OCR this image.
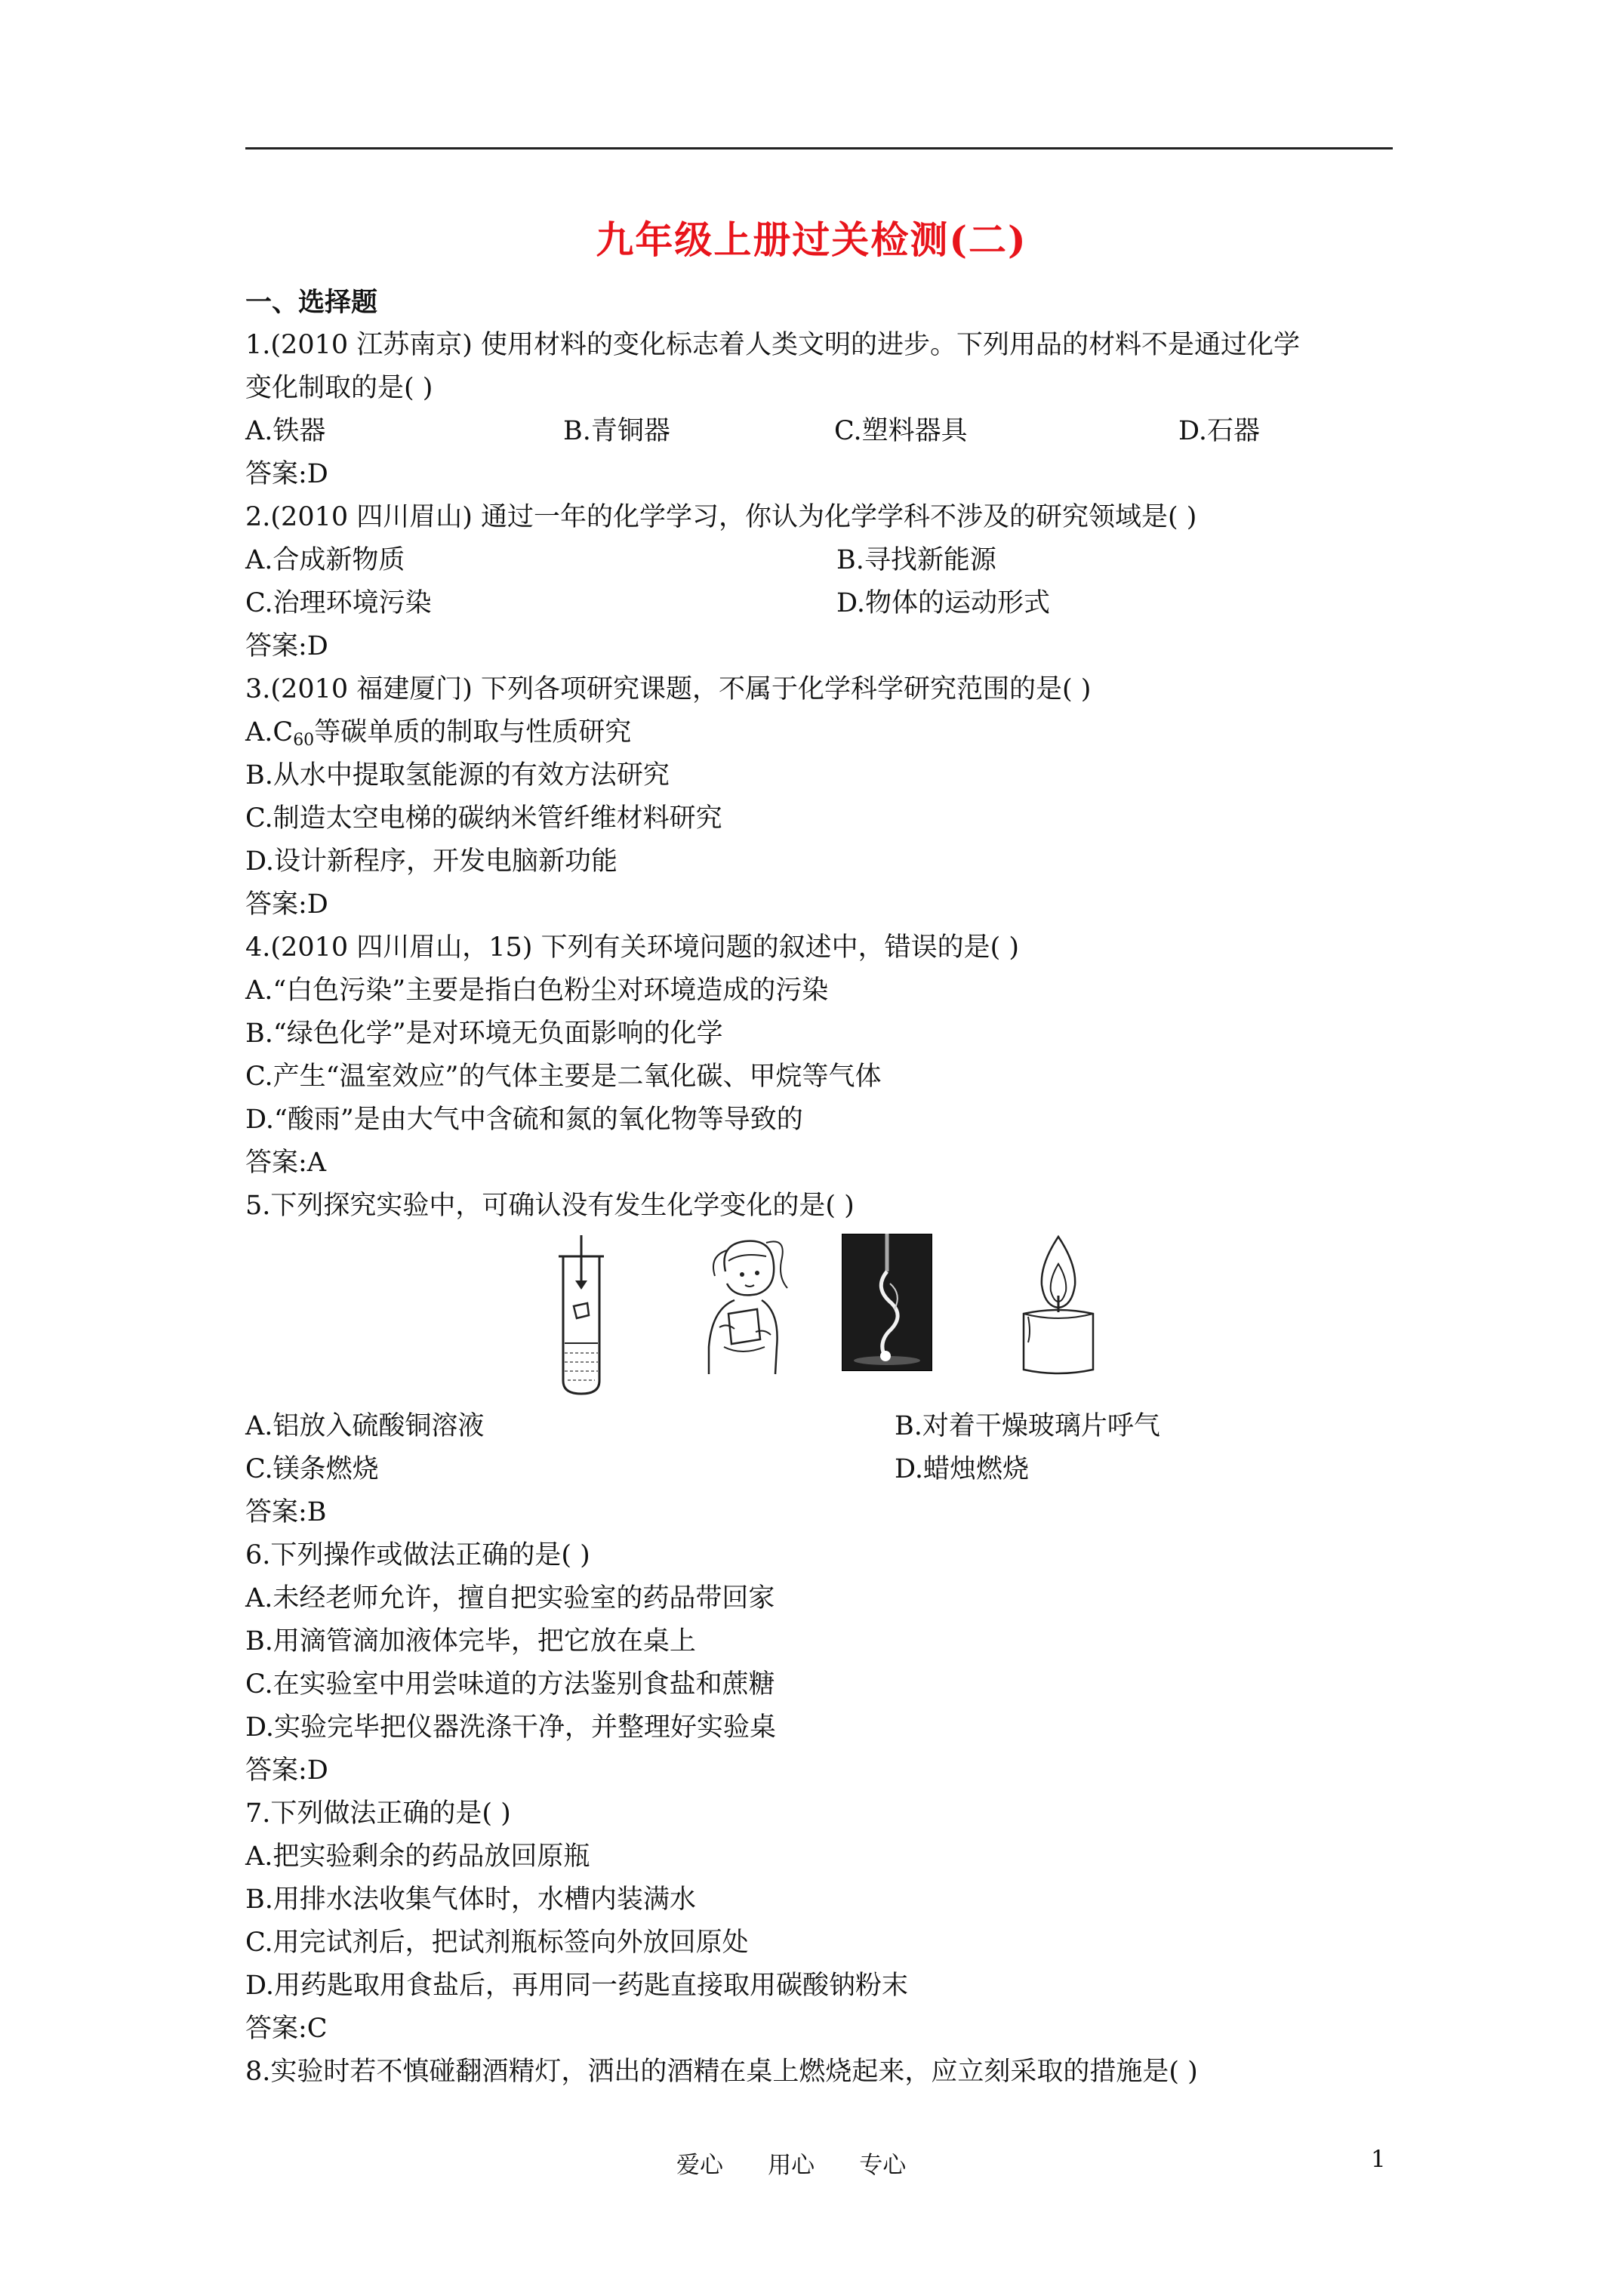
九年级上册过关检测(二)
一、选择题
1.(2010 江苏南京) 使用材料的变化标志着人类文明的进步。下列用品的材料不是通过化学
变化制取的是( )
A.铁器	B.青铜器	C.塑料器具	D.石器
答案:D
2.(2010 四川眉山) 通过一年的化学学习，你认为化学学科不涉及的研究领域是( )
A.合成新物质	B.寻找新能源
C.治理环境污染	D.物体的运动形式
答案:D
3.(2010 福建厦门) 下列各项研究课题，不属于化学科学研究范围的是( )
$A.C_{60}$等碳单质的制取与性质研究
B.从水中提取氢能源的有效方法研究
C.制造太空电梯的碳纳米管纤维材料研究
D.设计新程序，开发电脑新功能
答案:D
4.(2010 四川眉山，15) 下列有关环境问题的叙述中，错误的是( )
A.“白色污染”主要是指白色粉尘对环境造成的污染
B.“绿色化学”是对环境无负面影响的化学
C.产生“温室效应”的气体主要是二氧化碳、甲烷等气体
D.“酸雨”是由大气中含硫和氮的氧化物等导致的
答案:A
5.下列探究实验中，可确认没有发生化学变化的是( )
A.铝放入硫酸铜溶液	B.对着干燥玻璃片呼气
C.镁条燃烧	D.蜡烛燃烧
答案:B
6.下列操作或做法正确的是( )
A.未经老师允许，擅自把实验室的药品带回家
B.用滴管滴加液体完毕，把它放在桌上
C.在实验室中用尝味道的方法鉴别食盐和蔗糖
D.实验完毕把仪器洗涤干净，并整理好实验桌
答案:D
7.下列做法正确的是( )
A.把实验剩余的药品放回原瓶
B.用排水法收集气体时，水槽内装满水
C.用完试剂后，把试剂瓶标签向外放回原处
D.用药匙取用食盐后，再用同一药匙直接取用碳酸钠粉末
答案:C
8.实验时若不慎碰翻酒精灯，洒出的酒精在桌上燃烧起来，应立刻采取的措施是( )
爱心      用心      专心	1
